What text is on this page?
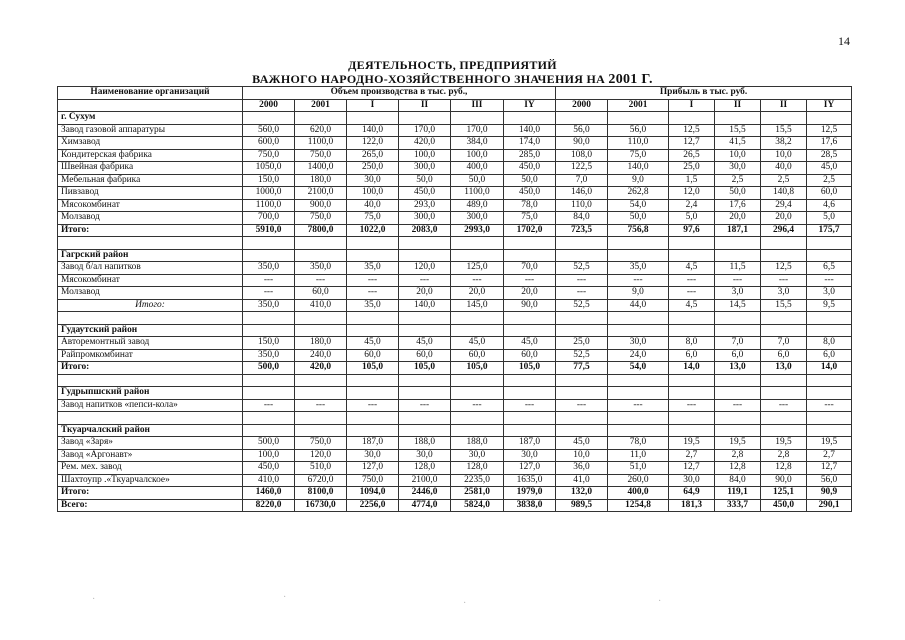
14
ДЕЯТЕЛЬНОСТЬ, ПРЕДПРИЯТИЙ
ВАЖНОГО НАРОДНО-ХОЗЯЙСТВЕННОГО ЗНАЧЕНИЯ НА 2001 Г.
Наименование организаций	Объем производства в тыс. руб.,						Прибыль в тыс. руб.					
	2000	2001	I	II	III	IY	2000	2001	I	II	II	IY
г. Сухум												
Завод газовой аппаратуры	560,0	620,0	140,0	170,0	170,0	140,0	56,0	56,0	12,5	15,5	15,5	12,5
Химзавод	600,0	1100,0	122,0	420,0	384,0	174,0	90,0	110,0	12,7	41,5	38,2	17,6
Кондитерская фабрика	750,0	750,0	265,0	100,0	100,0	285,0	108,0	75,0	26,5	10,0	10,0	28,5
Швейная фабрика	1050,0	1400,0	250,0	300,0	400,0	450,0	122,5	140,0	25,0	30,0	40,0	45,0
Мебельная фабрика	150,0	180,0	30,0	50,0	50,0	50,0	7,0	9,0	1,5	2,5	2,5	2,5
Пивзавод	1000,0	2100,0	100,0	450,0	1100,0	450,0	146,0	262,8	12,0	50,0	140,8	60,0
Мясокомбинат	1100,0	900,0	40,0	293,0	489,0	78,0	110,0	54,0	2,4	17,6	29,4	4,6
Молзавод	700,0	750,0	75,0	300,0	300,0	75,0	84,0	50,0	5,0	20,0	20,0	5,0
Итого:	5910,0	7800,0	1022,0	2083,0	2993,0	1702,0	723,5	756,8	97,6	187,1	296,4	175,7

Гагрский район												
Завод б/ал напитков	350,0	350,0	35,0	120,0	125,0	70,0	52,5	35,0	4,5	11,5	12,5	6,5
Мясокомбинат	---	---	---	---	---	---	---	---	---	---	---	---
Молзавод	---	60,0	---	20,0	20,0	20,0	---	9,0	---	3,0	3,0	3,0
Итого:	350,0	410,0	35,0	140,0	145,0	90,0	52,5	44,0	4,5	14,5	15,5	9,5

Гудаутский район												
Авторемонтный завод	150,0	180,0	45,0	45,0	45,0	45,0	25,0	30,0	8,0	7,0	7,0	8,0
Райпромкомбинат	350,0	240,0	60,0	60,0	60,0	60,0	52,5	24,0	6,0	6,0	6,0	6,0
Итого:	500,0	420,0	105,0	105,0	105,0	105,0	77,5	54,0	14,0	13,0	13,0	14,0

Гудрыпшский район												
Завод напитков «пепси-кола»	---	---	---	---	---	---	---	---	---	---	---	---

Ткуарчалский район												
Завод «Заря»	500,0	750,0	187,0	188,0	188,0	187,0	45,0	78,0	19,5	19,5	19,5	19,5
Завод «Аргонавт»	100,0	120,0	30,0	30,0	30,0	30,0	10,0	11,0	2,7	2,8	2,8	2,7
Рем. мех. завод	450,0	510,0	127,0	128,0	128,0	127,0	36,0	51,0	12,7	12,8	12,8	12,7
Шахтоупр .«Ткуарчалское»	410,0	6720,0	750,0	2100,0	2235,0	1635,0	41,0	260,0	30,0	84,0	90,0	56,0
Итого:	1460,0	8100,0	1094,0	2446,0	2581,0	1979,0	132,0	400,0	64,9	119,1	125,1	90,9
Всего:	8220,0	16730,0	2256,0	4774,0	5824,0	3838,0	989,5	1254,8	181,3	333,7	450,0	290,1
·	·
·	·
